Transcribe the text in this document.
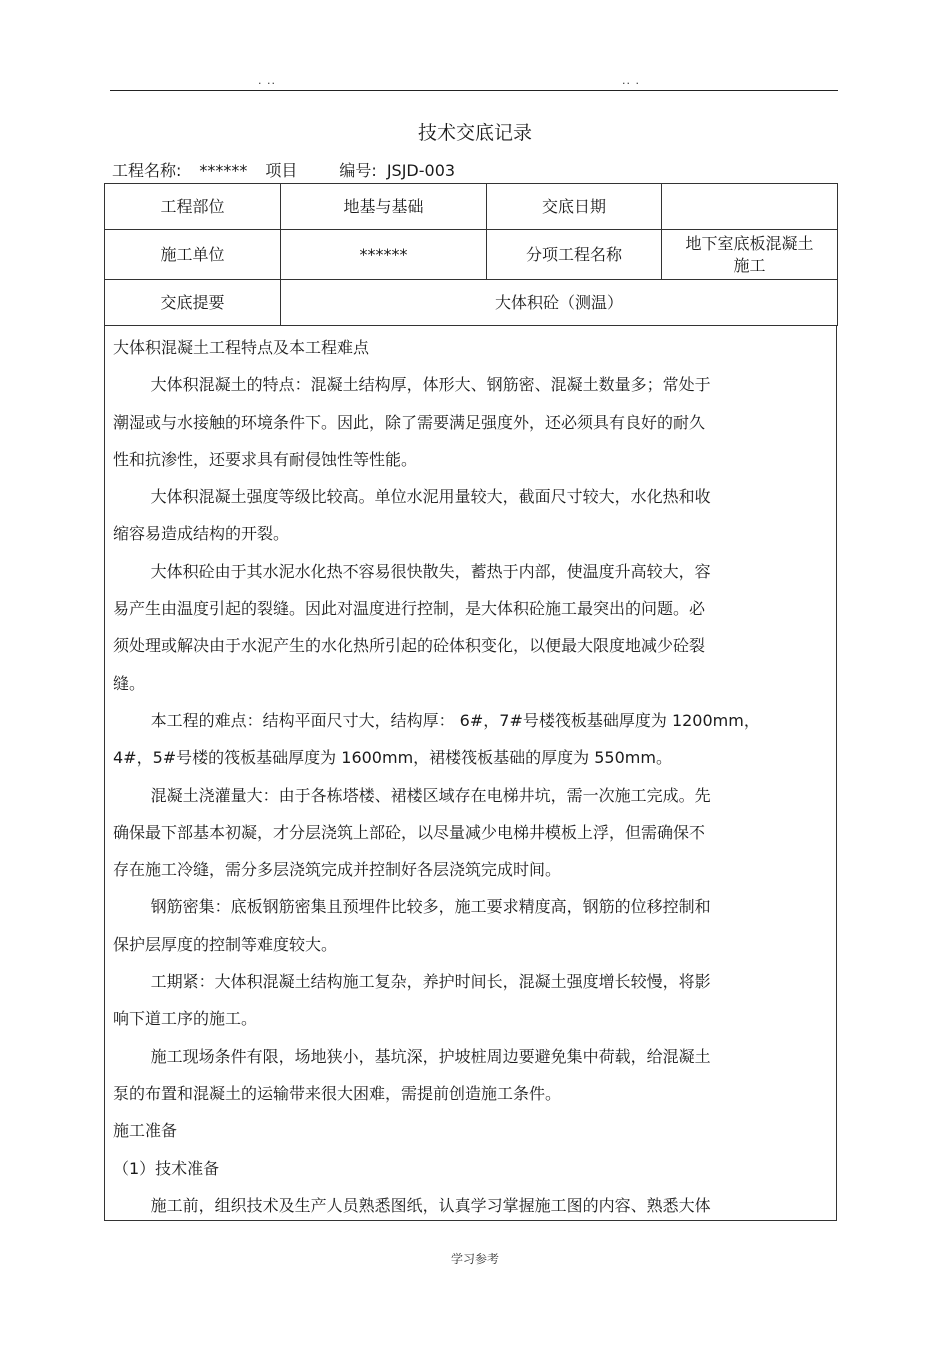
. ..	.. .
技术交底记录
工程名称: ****** 项目	编号: JSJD-003
工程部位	地基与基础	交底日期	
施工单位	******	分项工程名称	地下室底板混凝土
施工

交底提要	大体积砼（测温）		

大体积混凝土工程特点及本工程难点

大体积混凝土的特点：混凝土结构厚，体形大、钢筋密、混凝土数量多；常处于

潮湿或与水接触的环境条件下。因此，除了需要满足强度外，还必须具有良好的耐久

性和抗渗性，还要求具有耐侵蚀性等性能。

大体积混凝土强度等级比较高。单位水泥用量较大，截面尺寸较大，水化热和收

缩容易造成结构的开裂。

大体积砼由于其水泥水化热不容易很快散失，蓄热于内部，使温度升高较大，容

易产生由温度引起的裂缝。因此对温度进行控制，是大体积砼施工最突出的问题。必

须处理或解决由于水泥产生的水化热所引起的砼体积变化，以便最大限度地减少砼裂

缝。

本工程的难点：结构平面尺寸大，结构厚： 6#，7#号楼筏板基础厚度为 1200mm，

4#，5#号楼的筏板基础厚度为 1600mm，裙楼筏板基础的厚度为 550mm。

混凝土浇灌量大：由于各栋塔楼、裙楼区域存在电梯井坑，需一次施工完成。先

确保最下部基本初凝，才分层浇筑上部砼，以尽量减少电梯井模板上浮，但需确保不

存在施工冷缝，需分多层浇筑完成并控制好各层浇筑完成时间。

钢筋密集：底板钢筋密集且预埋件比较多，施工要求精度高，钢筋的位移控制和

保护层厚度的控制等难度较大。

工期紧：大体积混凝土结构施工复杂，养护时间长，混凝土强度增长较慢，将影

响下道工序的施工。

施工现场条件有限，场地狭小，基坑深，护坡桩周边要避免集中荷载，给混凝土

泵的布置和混凝土的运输带来很大困难，需提前创造施工条件。

施工准备

（1）技术准备

施工前，组织技术及生产人员熟悉图纸，认真学习掌握施工图的内容、熟悉大体

学习参考
